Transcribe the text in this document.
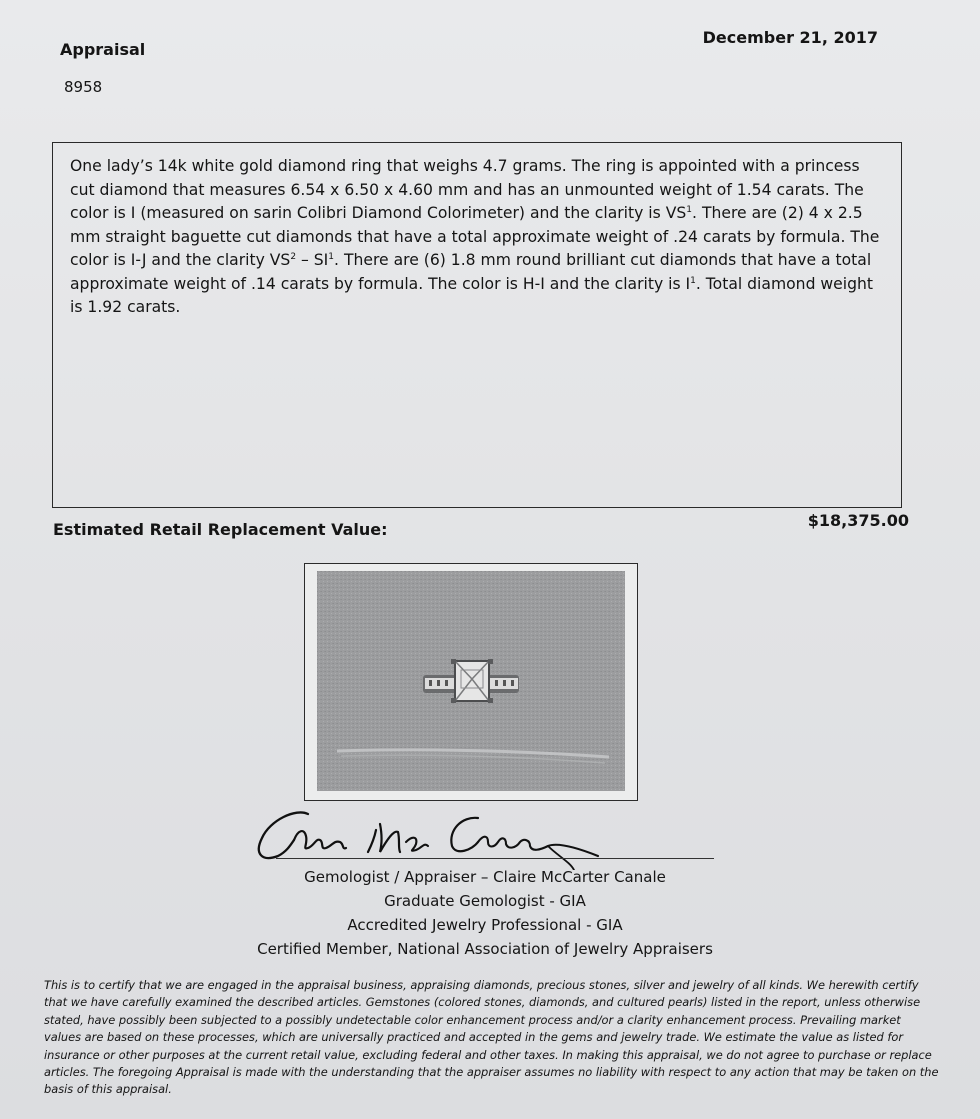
Appraisal
8958
December 21, 2017
One lady’s 14k white gold diamond ring that weighs 4.7 grams. The ring is appointed with a princess cut diamond that measures 6.54 x 6.50 x 4.60 mm and has an unmounted weight of 1.54 carats. The color is I (measured on sarin Colibri Diamond Colorimeter) and the clarity is $VS^1$. There are (2) 4 x 2.5 mm straight baguette cut diamonds that have a total approximate weight of .24 carats by formula. The color is I-J and the clarity $VS^2 - SI^1$. There are (6) 1.8 mm round brilliant cut diamonds that have a total approximate weight of .14 carats by formula. The color is H-I and the clarity is $I^1$. Total diamond weight is 1.92 carats.
Estimated Retail Replacement Value:	$18,375.00
Gemologist / Appraiser – Claire McCarter Canale
Graduate Gemologist - GIA
Accredited Jewelry Professional - GIA
Certified Member, National Association of Jewelry Appraisers
This is to certify that we are engaged in the appraisal business, appraising diamonds, precious stones, silver and jewelry of all kinds. We herewith certify that we have carefully examined the described articles. Gemstones (colored stones, diamonds, and cultured pearls) listed in the report, unless otherwise stated, have possibly been subjected to a possibly undetectable color enhancement process and/or a clarity enhancement process. Prevailing market values are based on these processes, which are universally practiced and accepted in the gems and jewelry trade. We estimate the value as listed for insurance or other purposes at the current retail value, excluding federal and other taxes. In making this appraisal, we do not agree to purchase or replace articles. The foregoing Appraisal is made with the understanding that the appraiser assumes no liability with respect to any action that may be taken on the basis of this appraisal.
